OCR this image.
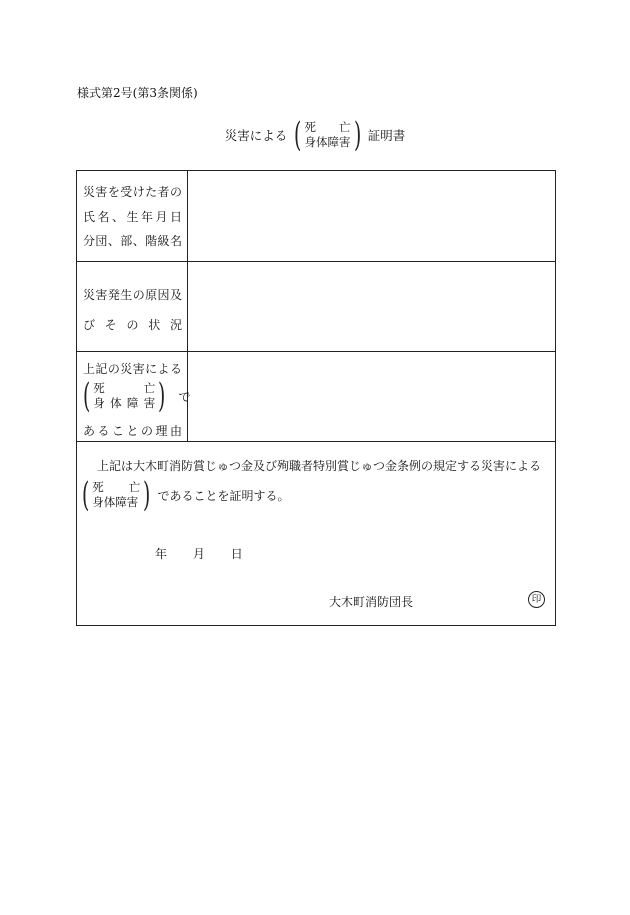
様式第2号(第3条関係)
災害による ( 死 亡
身体障害 ) 証明書
災害を受けた者の
氏名、生年月日
分団、部、階級名
災害発生の原因及
びその状況
上記の災害による
( 死	亡
身体障害 ) で
あることの理由
上記は大木町消防賞じゅつ金及び殉職者特別賞じゅつ金条例の規定する災害による
( 死 亡
身体障害 ) であることを証明する。
年 月 日
大木町消防団長	印
